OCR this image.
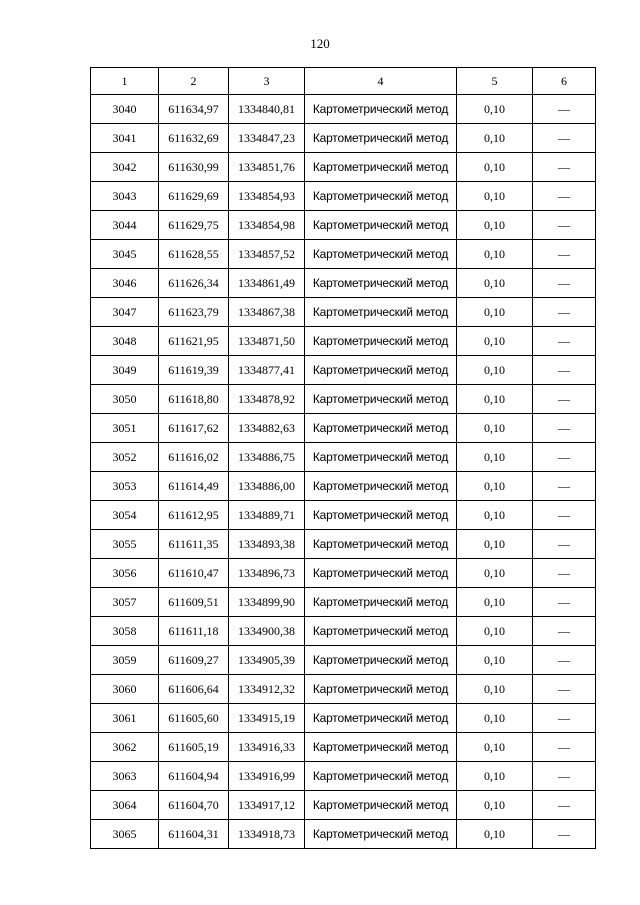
120
1	2	3	4	5	6
3040	611634,97	1334840,81	Картометрический метод	0,10	—
3041	611632,69	1334847,23	Картометрический метод	0,10	—
3042	611630,99	1334851,76	Картометрический метод	0,10	—
3043	611629,69	1334854,93	Картометрический метод	0,10	—
3044	611629,75	1334854,98	Картометрический метод	0,10	—
3045	611628,55	1334857,52	Картометрический метод	0,10	—
3046	611626,34	1334861,49	Картометрический метод	0,10	—
3047	611623,79	1334867,38	Картометрический метод	0,10	—
3048	611621,95	1334871,50	Картометрический метод	0,10	—
3049	611619,39	1334877,41	Картометрический метод	0,10	—
3050	611618,80	1334878,92	Картометрический метод	0,10	—
3051	611617,62	1334882,63	Картометрический метод	0,10	—
3052	611616,02	1334886,75	Картометрический метод	0,10	—
3053	611614,49	1334886,00	Картометрический метод	0,10	—
3054	611612,95	1334889,71	Картометрический метод	0,10	—
3055	611611,35	1334893,38	Картометрический метод	0,10	—
3056	611610,47	1334896,73	Картометрический метод	0,10	—
3057	611609,51	1334899,90	Картометрический метод	0,10	—
3058	611611,18	1334900,38	Картометрический метод	0,10	—
3059	611609,27	1334905,39	Картометрический метод	0,10	—
3060	611606,64	1334912,32	Картометрический метод	0,10	—
3061	611605,60	1334915,19	Картометрический метод	0,10	—
3062	611605,19	1334916,33	Картометрический метод	0,10	—
3063	611604,94	1334916,99	Картометрический метод	0,10	—
3064	611604,70	1334917,12	Картометрический метод	0,10	—
3065	611604,31	1334918,73	Картометрический метод	0,10	—
